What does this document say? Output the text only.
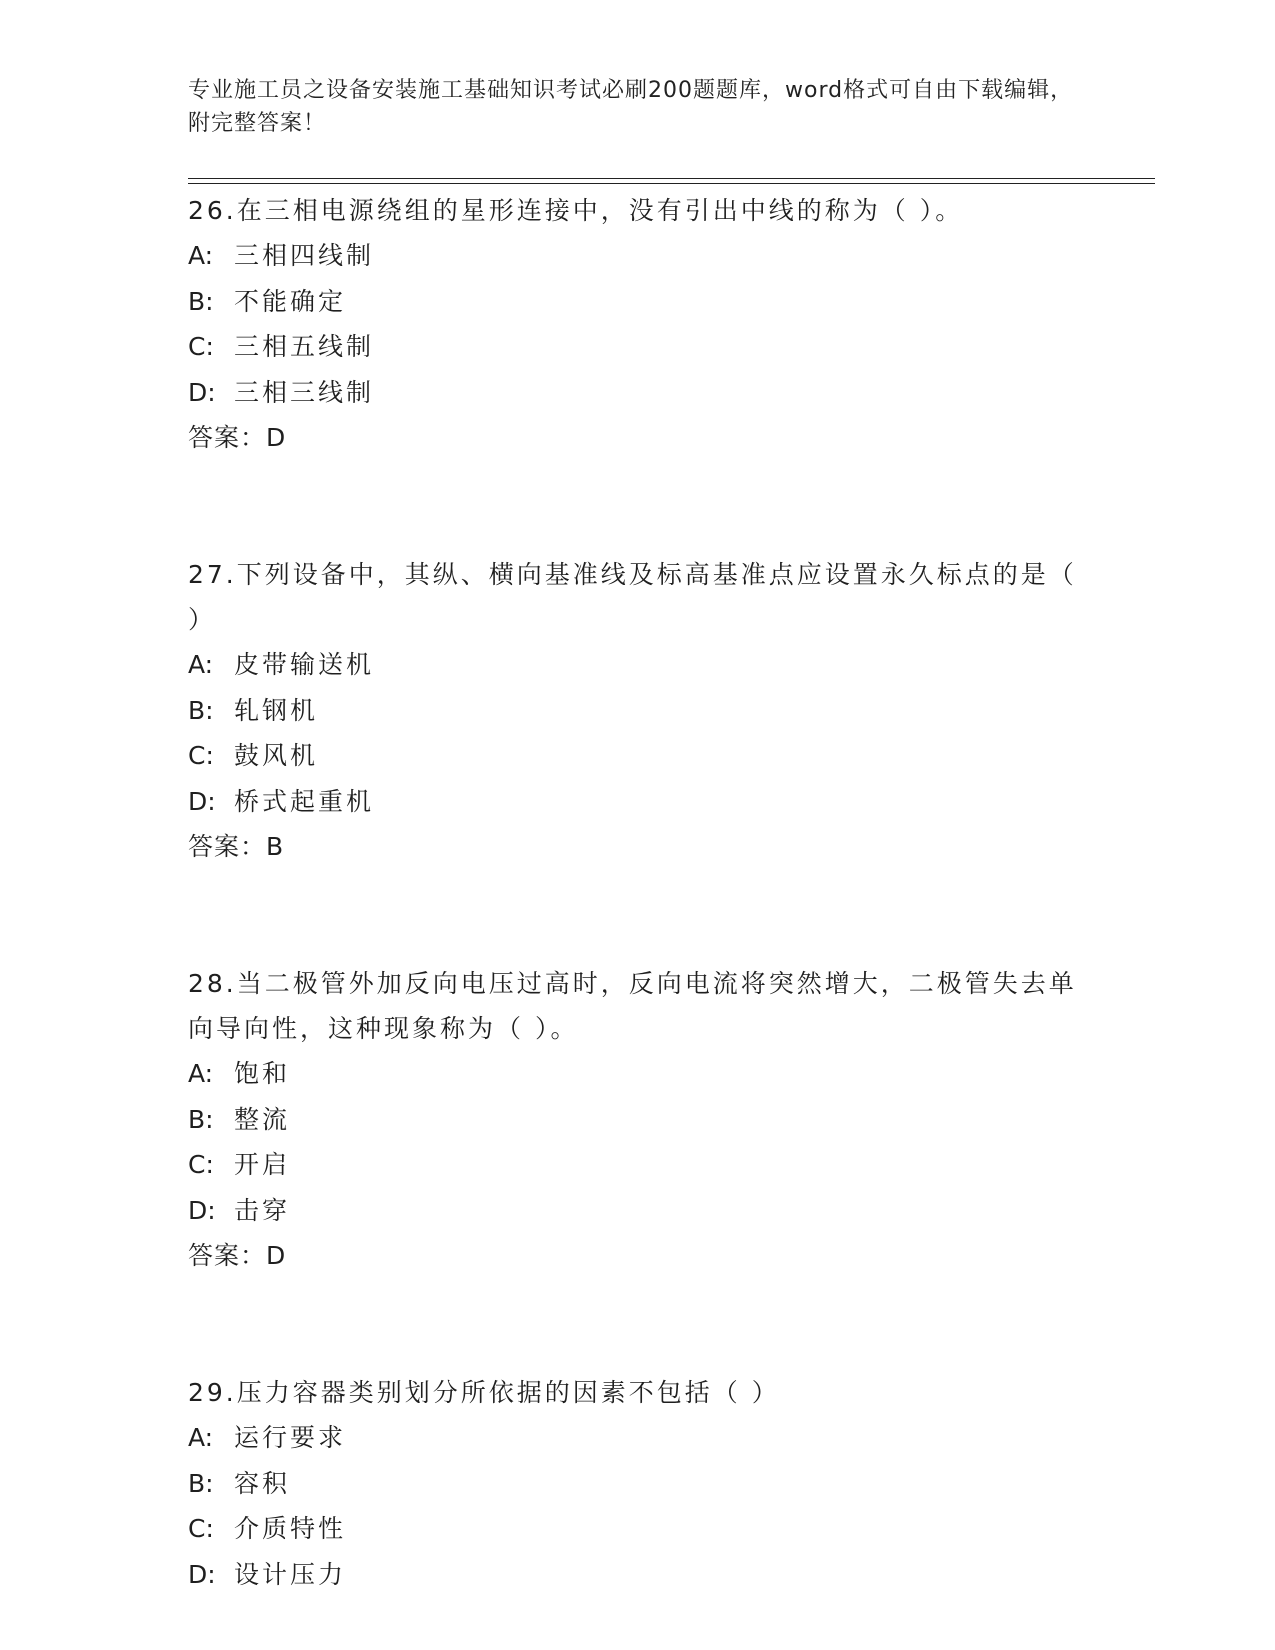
专业施工员之设备安装施工基础知识考试必刷200题题库，word格式可自由下载编辑，附完整答案！
26.在三相电源绕组的星形连接中，没有引出中线的称为（ ）。
A: 三相四线制
B: 不能确定
C: 三相五线制
D: 三相三线制
答案：D
27.下列设备中，其纵、横向基准线及标高基准点应设置永久标点的是（ ）
A: 皮带输送机
B: 轧钢机
C: 鼓风机
D: 桥式起重机
答案：B
28.当二极管外加反向电压过高时，反向电流将突然增大，二极管失去单向导向性，这种现象称为（ ）。
A: 饱和
B: 整流
C: 开启
D: 击穿
答案：D
29.压力容器类别划分所依据的因素不包括（ ）
A: 运行要求
B: 容积
C: 介质特性
D: 设计压力
